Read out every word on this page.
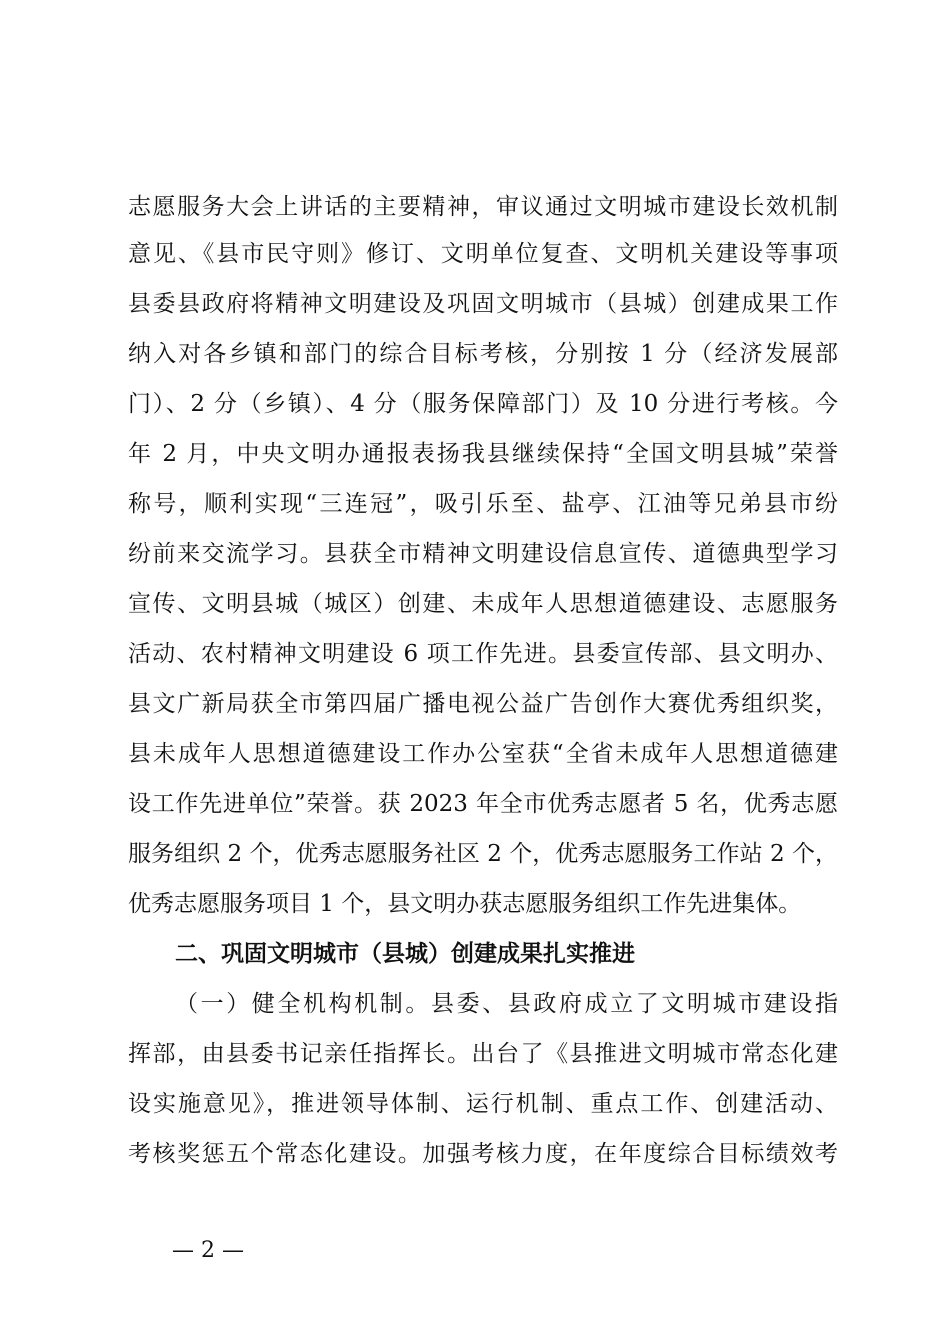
志愿服务大会上讲话的主要精神，审议通过文明城市建设长效机制
意见、《县市民守则》修订、文明单位复查、文明机关建设等事项
县委县政府将精神文明建设及巩固文明城市（县城）创建成果工作
纳入对各乡镇和部门的综合目标考核，分别按 1 分（经济发展部
门）、2 分（乡镇）、4 分（服务保障部门）及 10 分进行考核。今
年 2 月，中央文明办通报表扬我县继续保持“全国文明县城”荣誉
称号，顺利实现“三连冠”，吸引乐至、盐亭、江油等兄弟县市纷
纷前来交流学习。县获全市精神文明建设信息宣传、道德典型学习
宣传、文明县城（城区）创建、未成年人思想道德建设、志愿服务
活动、农村精神文明建设 6 项工作先进。县委宣传部、县文明办、
县文广新局获全市第四届广播电视公益广告创作大赛优秀组织奖，
县未成年人思想道德建设工作办公室获“全省未成年人思想道德建
设工作先进单位”荣誉。获 2023 年全市优秀志愿者 5 名，优秀志愿
服务组织 2 个，优秀志愿服务社区 2 个，优秀志愿服务工作站 2 个，
优秀志愿服务项目 1 个，县文明办获志愿服务组织工作先进集体。
二、巩固文明城市（县城）创建成果扎实推进
（一）健全机构机制。县委、县政府成立了文明城市建设指
挥部，由县委书记亲任指挥长。出台了《县推进文明城市常态化建
设实施意见》，推进领导体制、运行机制、重点工作、创建活动、
考核奖惩五个常态化建设。加强考核力度，在年度综合目标绩效考
— 2 —
